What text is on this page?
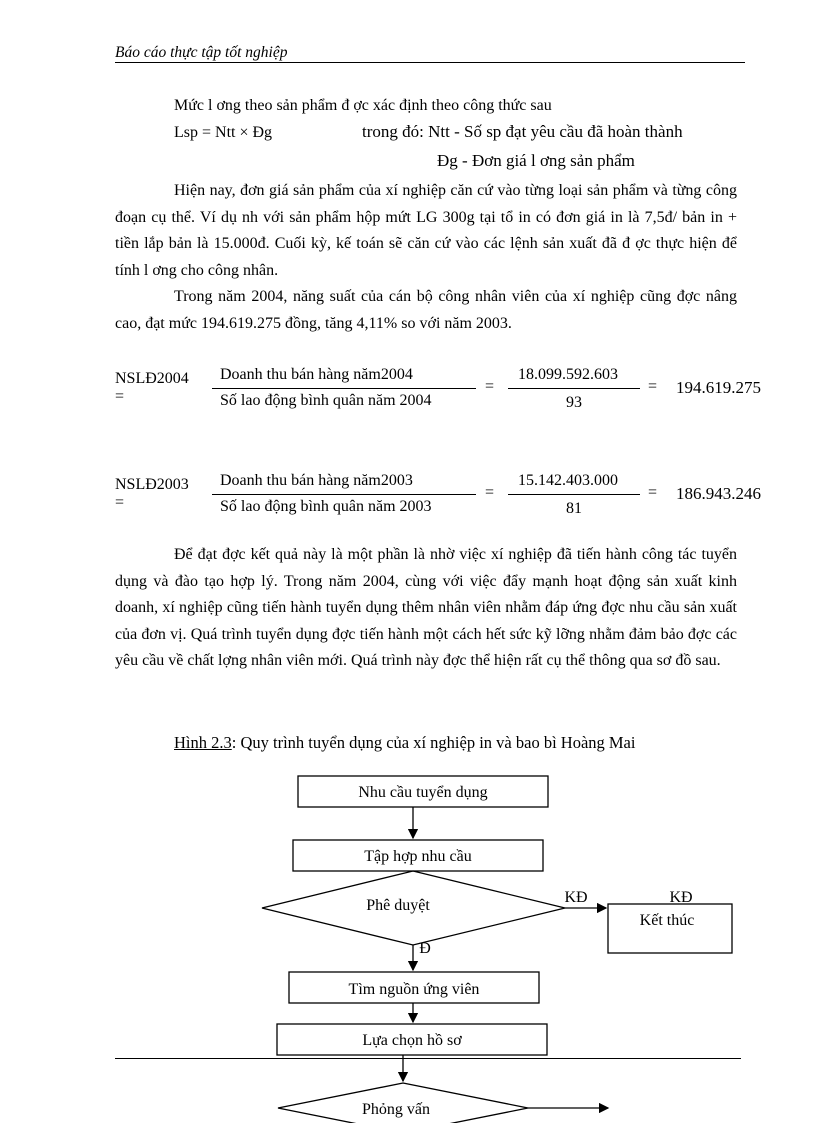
Báo cáo thực tập tốt nghiệp
Mức l ơng theo sản phẩm đ ợc xác định theo công thức sau
Lsp = Ntt × Đg	trong đó: Ntt - Số sp đạt yêu cầu đã hoàn thành
Đg - Đơn giá l ơng sản phẩm
Hiện nay, đơn giá sản phẩm của xí nghiệp căn cứ vào từng loại sản phẩm và từng công đoạn cụ thể. Ví dụ nh với sản phẩm hộp mứt LG 300g tại tổ in có đơn giá in là 7,5đ/ bản in + tiền lắp bản là 15.000đ. Cuối kỳ, kế toán sẽ căn cứ vào các lệnh sản xuất đã đ ợc thực hiện để tính l ơng cho công nhân.
Trong năm 2004, năng suất của cán bộ công nhân viên của xí nghiệp cũng đợc nâng cao, đạt mức 194.619.275 đồng, tăng 4,11% so với năm 2003.
NSLĐ2004
=
Doanh thu bán hàng năm2004
Số lao động bình quân năm 2004
=
18.099.592.603
93
= 194.619.275
NSLĐ2003
=
Doanh thu bán hàng năm2003
Số lao động bình quân năm 2003
=
15.142.403.000
81
= 186.943.246
Để đạt đợc kết quả này là một phần là nhờ việc xí nghiệp đã tiến hành công tác tuyển dụng và đào tạo hợp lý. Trong năm 2004, cùng với việc đẩy mạnh hoạt động sản xuất kinh doanh, xí nghiệp cũng tiến hành tuyển dụng thêm nhân viên nhằm đáp ứng đợc nhu cầu sản xuất của đơn vị. Quá trình tuyển dụng đợc tiến hành một cách hết sức kỹ lỡng nhằm đảm bảo đợc các yêu cầu về chất lợng nhân viên mới. Quá trình này đợc thể hiện rất cụ thể thông qua sơ đồ sau.
Hình 2.3: Quy trình tuyển dụng của xí nghiệp in và bao bì Hoàng Mai
Nhu cầu tuyển dụng
Tập hợp nhu cầu
Phê duyệt	KĐ	KĐ
Kết thúc
Đ
Tìm nguồn ứng viên
Lựa chọn hồ sơ
Phỏng vấn
